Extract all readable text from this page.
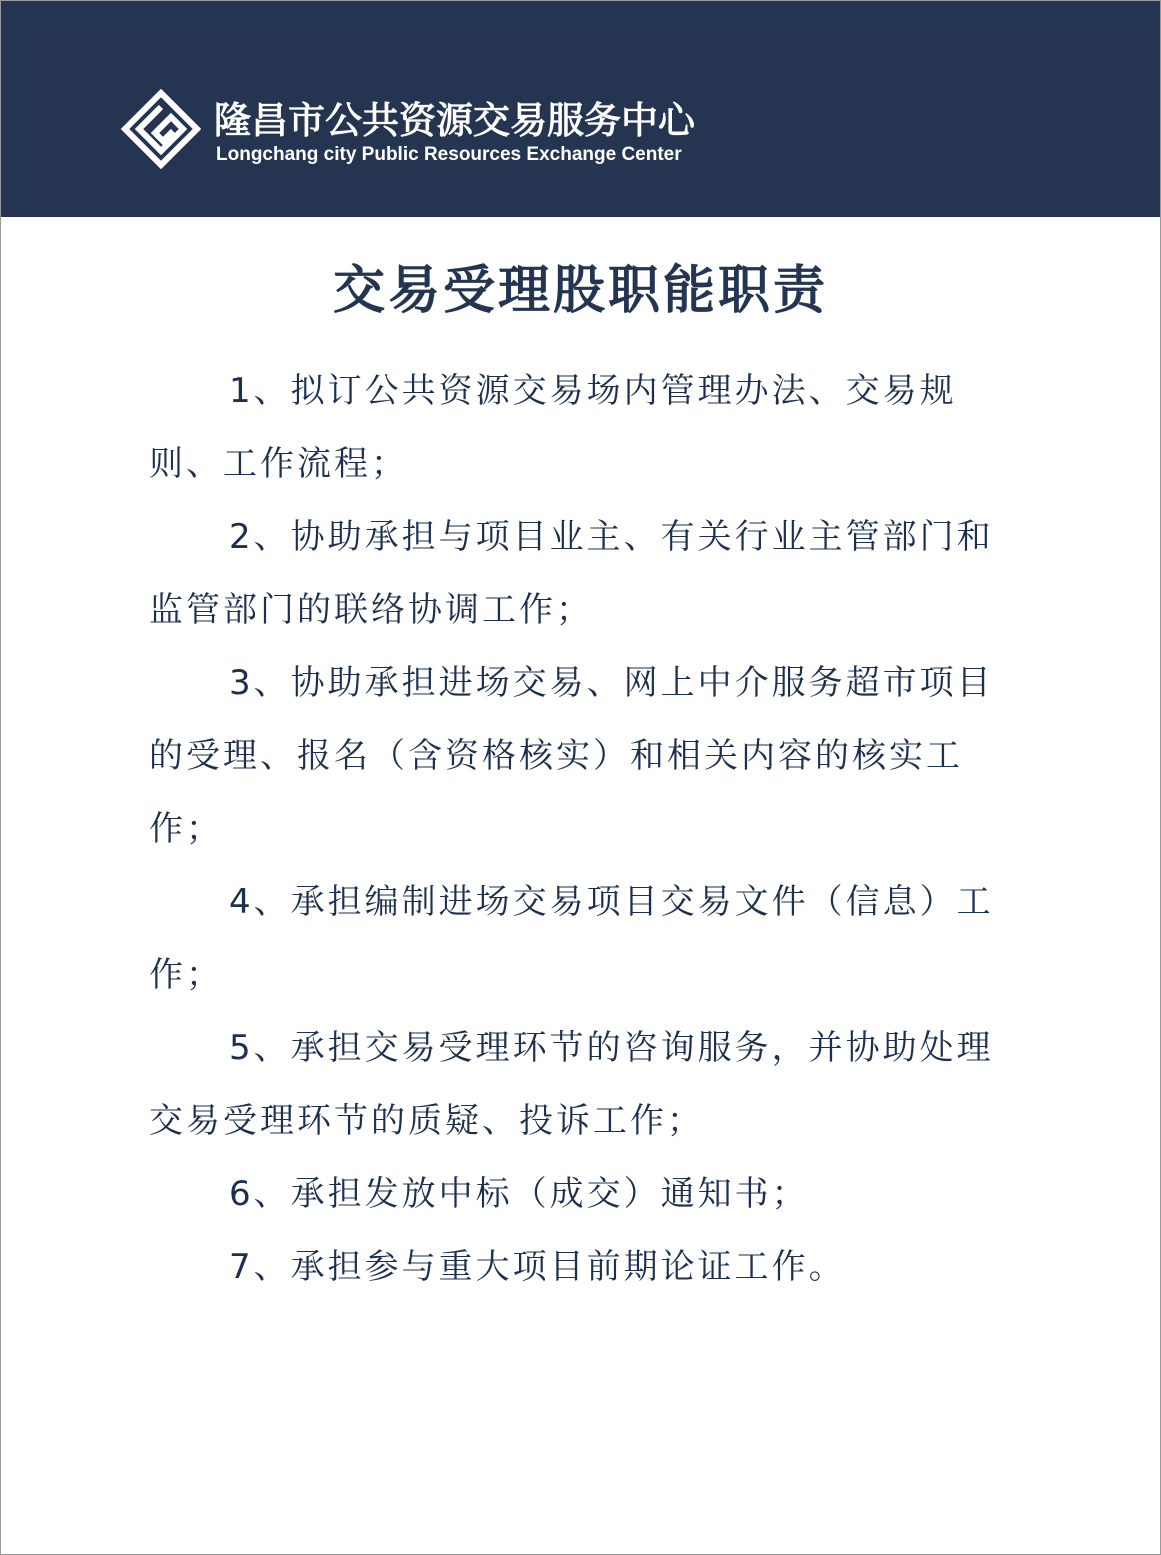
隆昌市公共资源交易服务中心
Longchang city Public Resources Exchange Center
交易受理股职能职责

1、拟订公共资源交易场内管理办法、交易规则、工作流程；

2、协助承担与项目业主、有关行业主管部门和监管部门的联络协调工作；

3、协助承担进场交易、网上中介服务超市项目的受理、报名（含资格核实）和相关内容的核实工作；

4、承担编制进场交易项目交易文件（信息）工作；

5、承担交易受理环节的咨询服务，并协助处理交易受理环节的质疑、投诉工作；

6、承担发放中标（成交）通知书；

7、承担参与重大项目前期论证工作。
